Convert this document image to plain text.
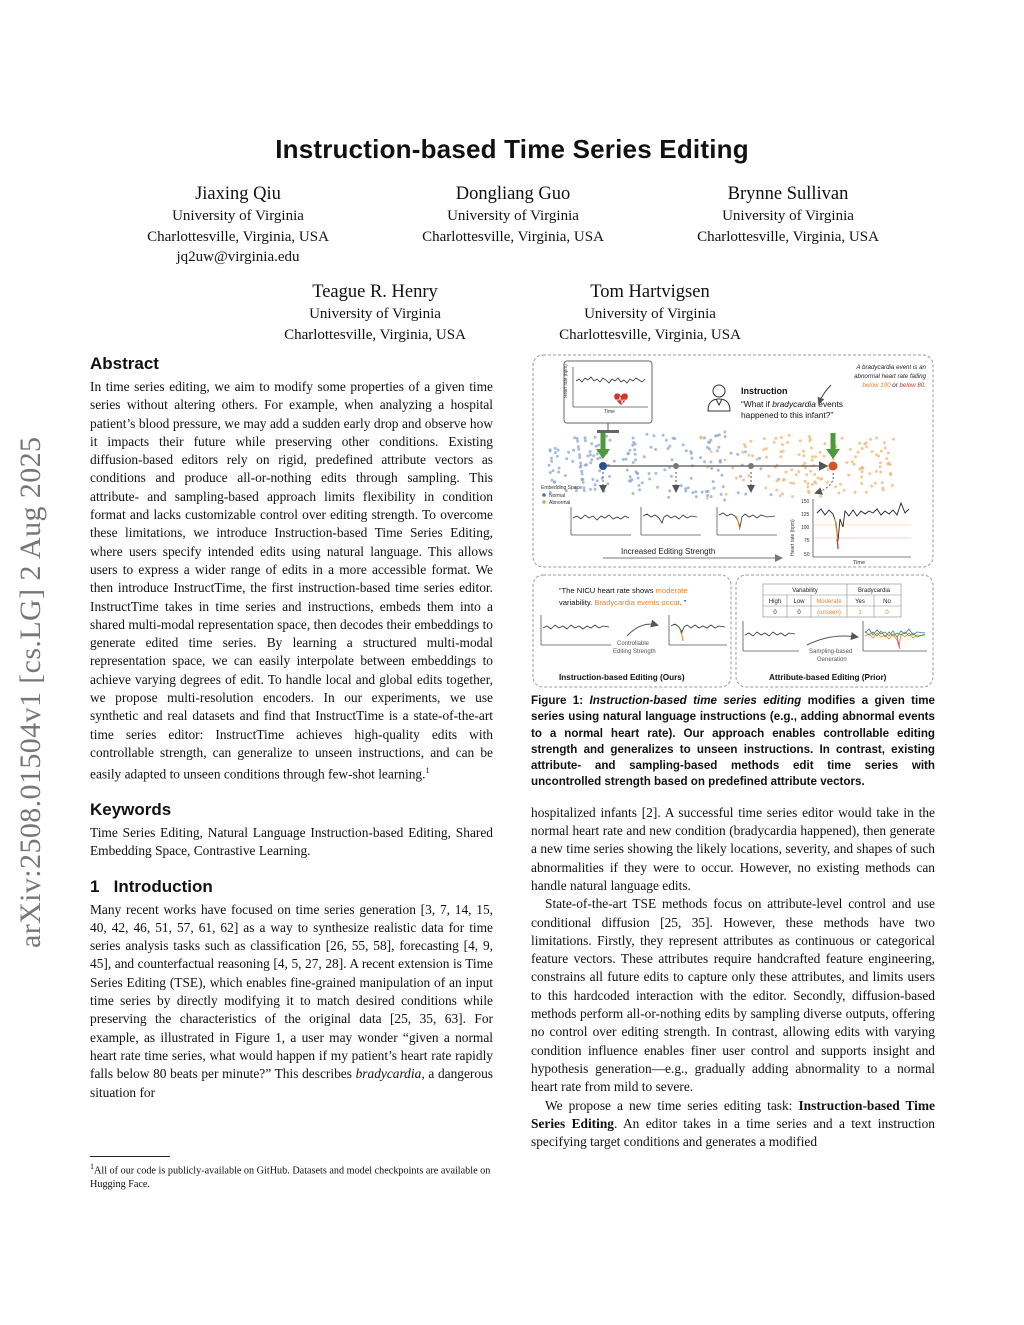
arXiv:2508.01504v1 [cs.LG] 2 Aug 2025
Instruction-based Time Series Editing
Jiaxing Qiu
University of Virginia
Charlottesville, Virginia, USA
jq2uw@virginia.edu
Dongliang Guo
University of Virginia
Charlottesville, Virginia, USA
Brynne Sullivan
University of Virginia
Charlottesville, Virginia, USA
Teague R. Henry
University of Virginia
Charlottesville, Virginia, USA
Tom Hartvigsen
University of Virginia
Charlottesville, Virginia, USA
Abstract

In time series editing, we aim to modify some properties of a given time series without altering others. For example, when analyzing a hospital patient’s blood pressure, we may add a sudden early drop and observe how it impacts their future while preserving other conditions. Existing diffusion-based editors rely on rigid, predefined attribute vectors as conditions and produce all-or-nothing edits through sampling. This attribute- and sampling-based approach limits flexibility in condition format and lacks customizable control over editing strength. To overcome these limitations, we introduce Instruction-based Time Series Editing, where users specify intended edits using natural language. This allows users to express a wider range of edits in a more accessible format. We then introduce InstructTime, the first instruction-based time series editor. InstructTime takes in time series and instructions, embeds them into a shared multi-modal representation space, then decodes their embeddings to generate edited time series. By learning a structured multi-modal representation space, we can easily interpolate between embeddings to achieve varying degrees of edit. To handle local and global edits together, we propose multi-resolution encoders. In our experiments, we use synthetic and real datasets and find that InstructTime is a state-of-the-art time series editor: InstructTime achieves high-quality edits with controllable strength, can generalize to unseen instructions, and can be easily adapted to unseen conditions through few-shot learning.$^1$

Keywords

Time Series Editing, Natural Language Instruction-based Editing, Shared Embedding Space, Contrastive Learning.

1   Introduction

Many recent works have focused on time series generation [3, 7, 14, 15, 40, 42, 46, 51, 57, 61, 62] as a way to synthesize realistic data for time series analysis tasks such as classification [26, 55, 58], forecasting [4, 9, 45], and counterfactual reasoning [4, 5, 27, 28]. A recent extension is Time Series Editing (TSE), which enables fine-grained manipulation of an input time series by directly modifying it to match desired conditions while preserving the characteristics of the original data [25, 35, 63]. For example, as illustrated in Figure 1, a user may wonder “given a normal heart rate time series, what would happen if my patient’s heart rate rapidly falls below 80 beats per minute?” This describes bradycardia, a dangerous situation for

$^1$All of our code is publicly-available on GitHub. Datasets and model checkpoints are available on Hugging Face.
Heart rate (bpm)
Time
Instruction
“What if bradycardia events
happened to this infant?”
A bradycardia event is an
abnormal heart rate falling
below 100 or below 80.
Embedding Space
Normal
Abnormal
Increased Editing Strength
150
125
100
75
50
Heart rate (bpm)
Time
“The NICU heart rate shows moderate
variability. Bradycardia events occur. ”
Controllable
Editing Strength
Instruction-based Editing (Ours)
Variability	Bradycardia
High Low Moderate Yes	No
0	0	(unseen)	1	0
Sampling-based
Generation
Attribute-based Editing (Prior)
Figure 1: Instruction-based time series editing modifies a given time series using natural language instructions (e.g., adding abnormal events to a normal heart rate). Our approach enables controllable editing strength and generalizes to unseen instructions. In contrast, existing attribute- and sampling-based methods edit time series with uncontrolled strength based on predefined attribute vectors.

hospitalized infants [2]. A successful time series editor would take in the normal heart rate and new condition (bradycardia happened), then generate a new time series showing the likely locations, severity, and shapes of such abnormalities if they were to occur. However, no existing methods can handle natural language edits.

State-of-the-art TSE methods focus on attribute-level control and use conditional diffusion [25, 35]. However, these methods have two limitations. Firstly, they represent attributes as continuous or categorical feature vectors. These attributes require handcrafted feature engineering, constrains all future edits to capture only these attributes, and limits users to this hardcoded interaction with the editor. Secondly, diffusion-based methods perform all-or-nothing edits by sampling diverse outputs, offering no control over editing strength. In contrast, allowing edits with varying condition influence enables finer user control and supports insight and hypothesis generation—e.g., gradually adding abnormality to a normal heart rate from mild to severe.

We propose a new time series editing task: Instruction-based Time Series Editing. An editor takes in a time series and a text instruction specifying target conditions and generates a modified
